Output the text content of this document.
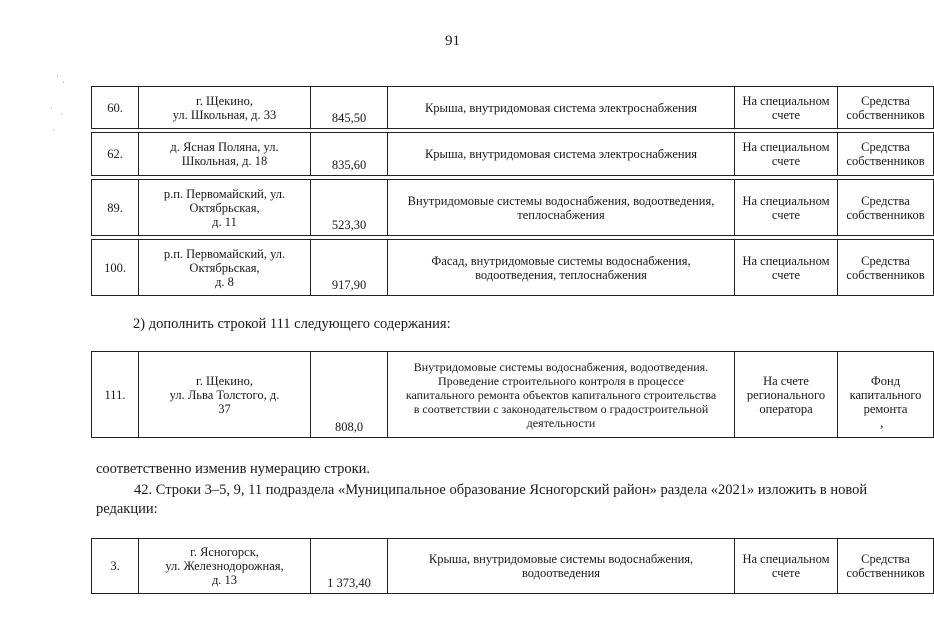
91
·
·
·
·
·
60.	г. Щекино,
ул. Школьная, д. 33	845,50	Крыша, внутридомовая система электроснабжения	На специальном счете	Средства собственников

62.	д. Ясная Поляна, ул.
Школьная, д. 18	835,60	Крыша, внутридомовая система электроснабжения	На специальном счете	Средства собственников

89.	р.п. Первомайский, ул.
Октябрьская,
д. 11	523,30	Внутридомовые системы водоснабжения, водоотведения, теплоснабжения	На специальном счете	Средства собственников

100.	р.п. Первомайский, ул.
Октябрьская,
д. 8	917,90	Фасад, внутридомовые системы водоснабжения, водоотведения, теплоснабжения	На специальном счете	Средства собственников
2) дополнить строкой 111 следующего содержания:
111.	г. Щекино,
ул. Льва Толстого, д.
37	808,0	Внутридомовые системы водоснабжения, водоотведения.
Проведение строительного контроля в процессе
капитального ремонта объектов капитального строительства
в соответствии с законодательством о градостроительной
деятельности	На счете регионального оператора	Фонд капитального ремонта
,
соответственно изменив нумерацию строки.
42. Строки 3–5, 9, 11 подраздела «Муниципальное образование Ясногорский район» раздела «2021» изложить в новой редакции:
3.	г. Ясногорск,
ул. Железнодорожная,
д. 13	1 373,40	Крыша, внутридомовые системы водоснабжения,
водоотведения	На специальном счете	Средства собственников
